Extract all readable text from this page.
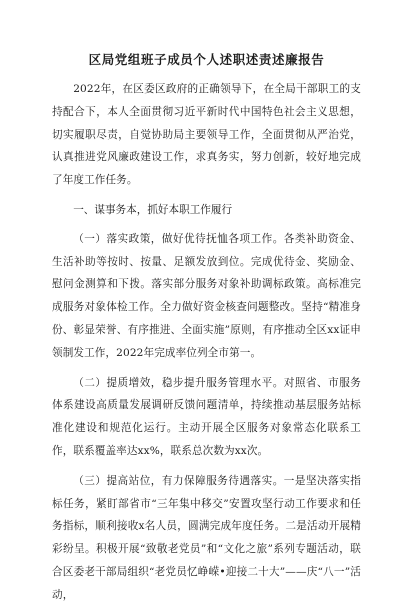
区局党组班子成员个人述职述责述廉报告

2022年，在区委区政府的正确领导下，在全局干部职工的支持配合下，本人全面贯彻习近平新时代中国特色社会主义思想，切实履职尽责，自觉协助局主要领导工作，全面贯彻从严治党，认真推进党风廉政建设工作，求真务实，努力创新，较好地完成了年度工作任务。

一、谋事务本，抓好本职工作履行

（一）落实政策，做好优待抚恤各项工作。各类补助资金、生活补助等按时、按量、足额发放到位。完成优待金、奖励金、慰问金测算和下拨。落实部分服务对象补助调标政策。高标准完成服务对象体检工作。全力做好资金核查问题整改。坚持“精准身份、彰显荣誉、有序推进、全面实施”原则，有序推动全区xx证申领制发工作，2022年完成率位列全市第一。

（二）提质增效，稳步提升服务管理水平。对照省、市服务体系建设高质量发展调研反馈问题清单，持续推动基层服务站标准化建设和规范化运行。主动开展全区服务对象常态化联系工作，联系覆盖率达xx%，联系总次数为xx次。

（三）提高站位，有力保障服务待遇落实。一是坚决落实指标任务，紧盯部省市“三年集中移交”安置攻坚行动工作要求和任务指标，顺利接收x名人员，圆满完成年度任务。二是活动开展精彩纷呈。积极开展“致敬老党员”和“文化之旅”系列专题活动，联合区委老干部局组织“老党员忆峥嵘•迎接二十大”——庆“八一”活动，
